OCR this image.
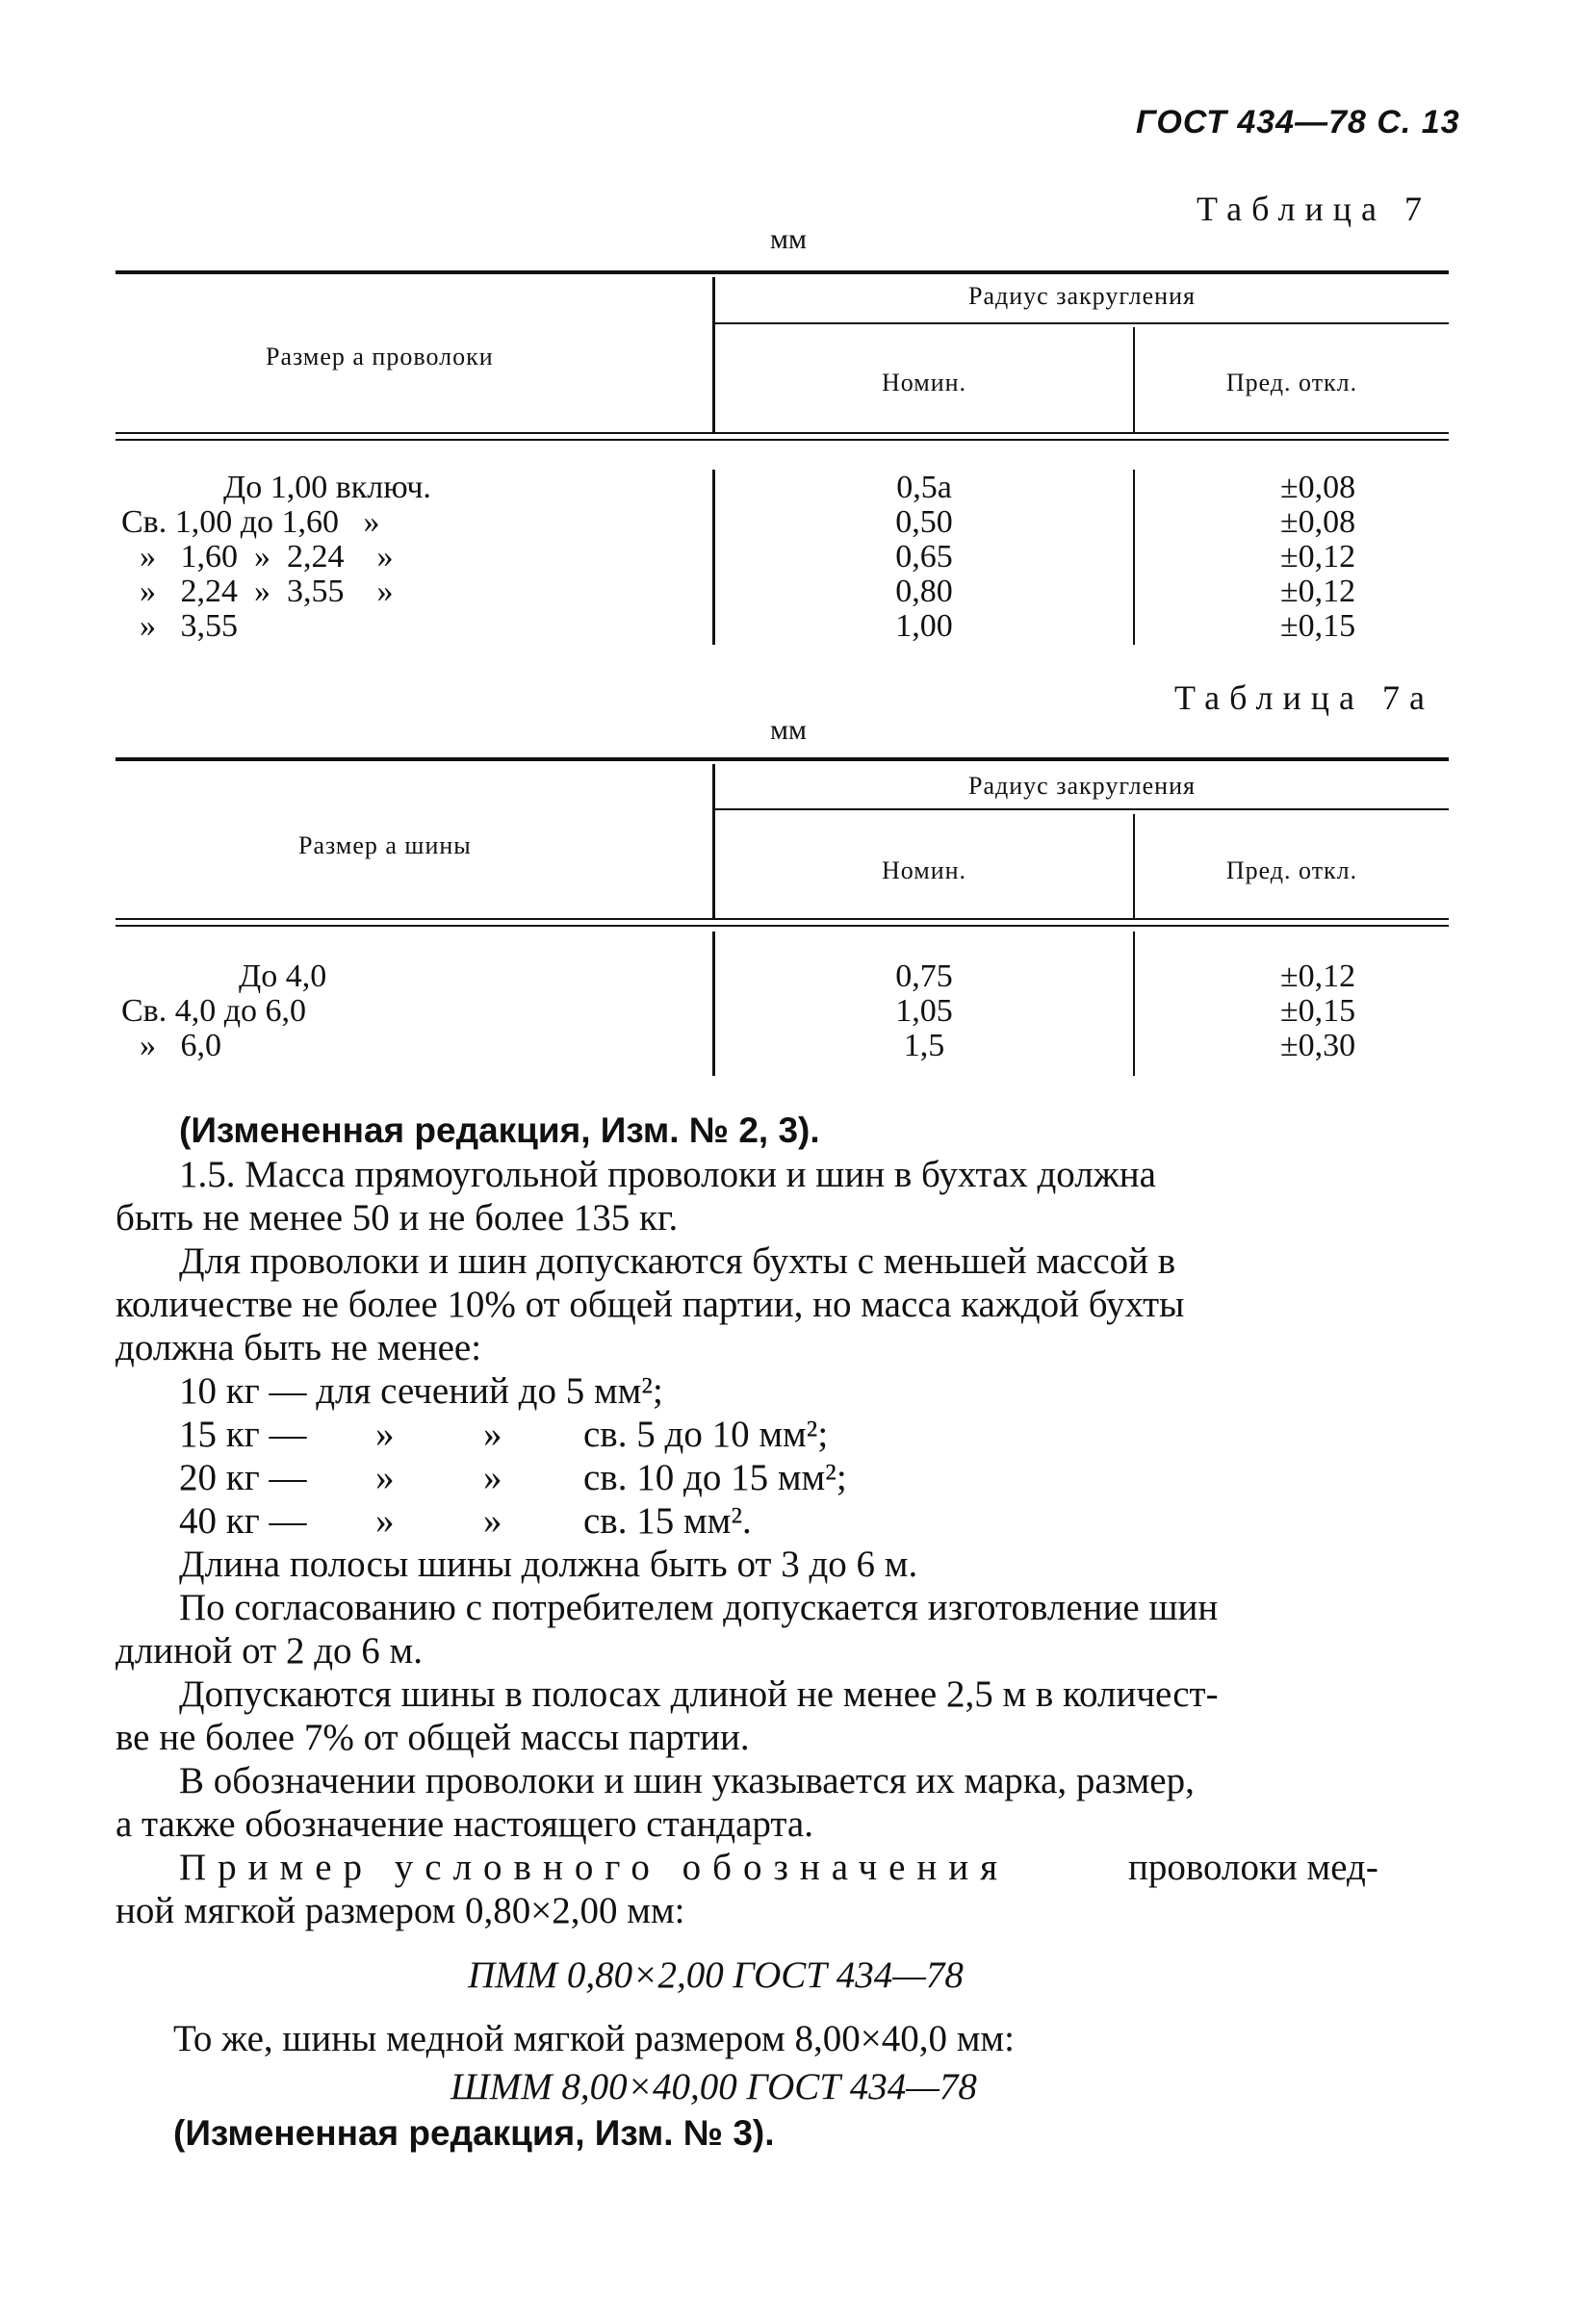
ГОСТ 434—78 С. 13
Таблица 7
мм
Размер a проволоки
Радиус закругления
Номин.	Пред. откл.
До 1,00 включ.	0,5a	±0,08
Св. 1,00 до 1,60   »	0,50	±0,08
»   1,60  »  2,24    »	0,65	±0,12
»   2,24  »  3,55    »	0,80	±0,12
»   3,55	1,00	±0,15
Таблица 7а
мм
Размер a шины
Радиус закругления
Номин.	Пред. откл.
До 4,0	0,75	±0,12
Св. 4,0 до 6,0	1,05	±0,15
»   6,0	1,5	±0,30
(Измененная редакция, Изм. № 2, 3).
1.5. Масса прямоугольной проволоки и шин в бухтах должна
быть не менее 50 и не более 135 кг.
Для проволоки и шин допускаются бухты с меньшей массой в
количестве не более 10% от общей партии, но масса каждой бухты
должна быть не менее:
10 кг — для сечений до 5 мм²;
15 кг — » » св. 5 до 10 мм²;
20 кг — » » св. 10 до 15 мм²;
40 кг — » » св. 15 мм².
Длина полосы шины должна быть от 3 до 6 м.
По согласованию с потребителем допускается изготовление шин
длиной от 2 до 6 м.
Допускаются шины в полосах длиной не менее 2,5 м в количест-
ве не более 7% от общей массы партии.
В обозначении проволоки и шин указывается их марка, размер,
а также обозначение настоящего стандарта.
Пример условного обозначения	проволоки мед-
ной мягкой размером 0,80×2,00 мм:
ПММ 0,80×2,00 ГОСТ 434—78
То же, шины медной мягкой размером 8,00×40,0 мм:
ШММ 8,00×40,00 ГОСТ 434—78
(Измененная редакция, Изм. № 3).
